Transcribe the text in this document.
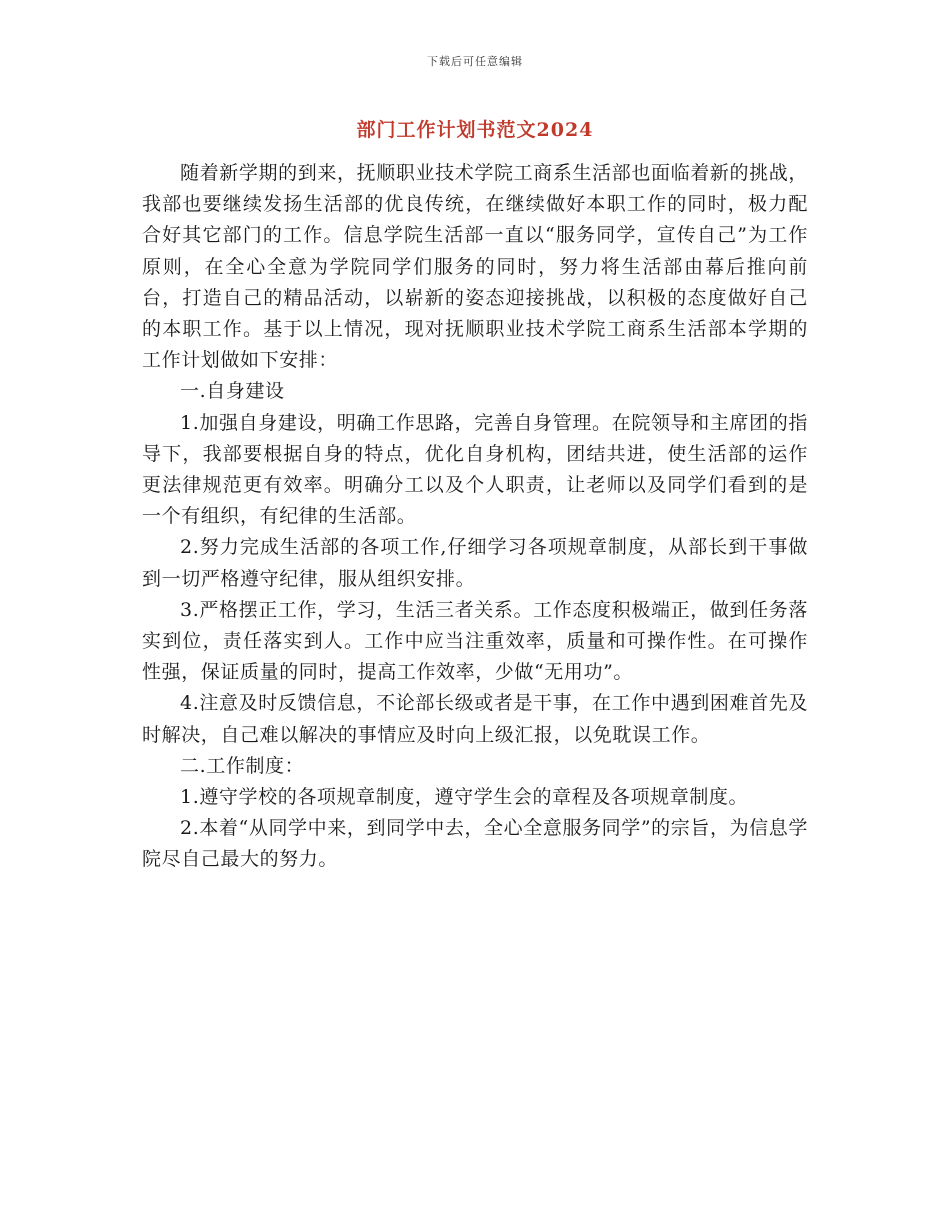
下载后可任意编辑
部门工作计划书范文2024

随着新学期的到来，抚顺职业技术学院工商系生活部也面临着新的挑战，我部也要继续发扬生活部的优良传统，在继续做好本职工作的同时，极力配合好其它部门的工作。信息学院生活部一直以“服务同学，宣传自己”为工作原则，在全心全意为学院同学们服务的同时，努力将生活部由幕后推向前台，打造自己的精品活动，以崭新的姿态迎接挑战，以积极的态度做好自己的本职工作。基于以上情况，现对抚顺职业技术学院工商系生活部本学期的工作计划做如下安排：

一.自身建设

1.加强自身建设，明确工作思路，完善自身管理。在院领导和主席团的指导下，我部要根据自身的特点，优化自身机构，团结共进，使生活部的运作更法律规范更有效率。明确分工以及个人职责，让老师以及同学们看到的是一个有组织，有纪律的生活部。

2.努力完成生活部的各项工作,仔细学习各项规章制度，从部长到干事做到一切严格遵守纪律，服从组织安排。

3.严格摆正工作，学习，生活三者关系。工作态度积极端正，做到任务落实到位，责任落实到人。工作中应当注重效率，质量和可操作性。在可操作性强，保证质量的同时，提高工作效率，少做“无用功”。

4.注意及时反馈信息，不论部长级或者是干事，在工作中遇到困难首先及时解决，自己难以解决的事情应及时向上级汇报，以免耽误工作。

二.工作制度：

1.遵守学校的各项规章制度，遵守学生会的章程及各项规章制度。

2.本着“从同学中来，到同学中去，全心全意服务同学”的宗旨，为信息学院尽自己最大的努力。
